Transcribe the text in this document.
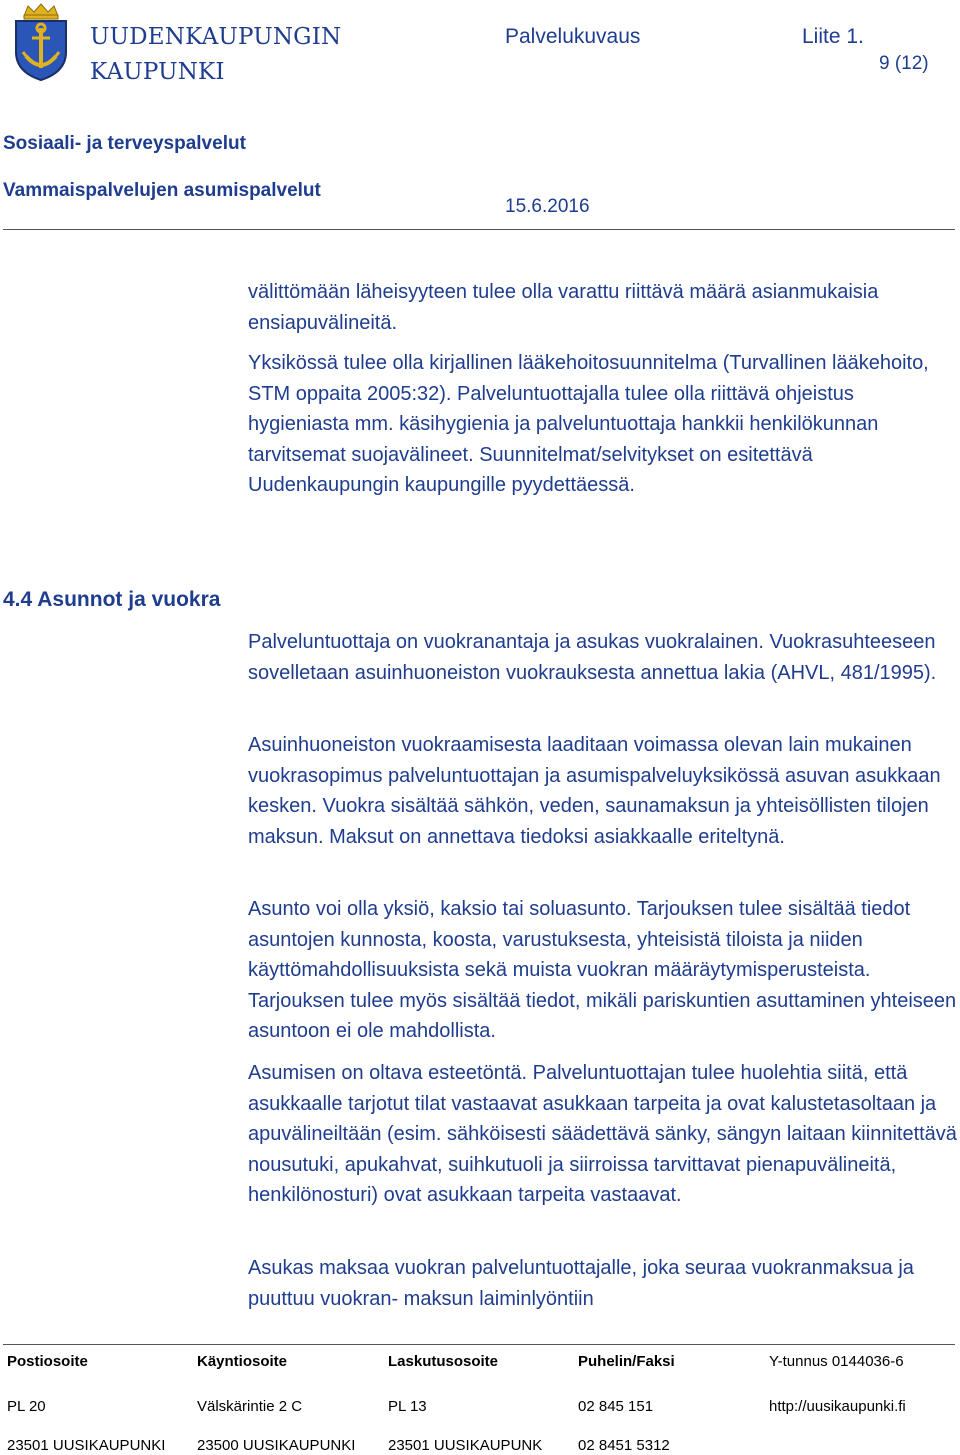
UUDENKAUPUNGIN
KAUPUNKI
Palvelukuvaus	Liite 1.
9 (12)
Sosiaali- ja terveyspalvelut
Vammaispalvelujen asumispalvelut
15.6.2016
välittömään läheisyyteen tulee olla varattu riittävä määrä asianmukaisia ensiapuvälineitä.
Yksikössä tulee olla kirjallinen lääkehoitosuunnitelma (Turvallinen lääkehoito, STM oppaita 2005:32). Palveluntuottajalla tulee olla riittävä ohjeistus hygieniasta mm. käsihygienia ja palveluntuottaja hankkii henkilökunnan tarvitsemat suojavälineet. Suunnitelmat/selvitykset on esitettävä Uudenkaupungin kaupungille pyydettäessä.
4.4 Asunnot ja vuokra
Palveluntuottaja on vuokranantaja ja asukas vuokralainen. Vuokrasuhteeseen sovelletaan asuinhuoneiston vuokrauksesta annettua lakia (AHVL, 481/1995).
Asuinhuoneiston vuokraamisesta laaditaan voimassa olevan lain mukainen vuokrasopimus palveluntuottajan ja asumispalveluyksikössä asuvan asukkaan kesken. Vuokra sisältää sähkön, veden, saunamaksun ja yhteisöllisten tilojen maksun. Maksut on annettava tiedoksi asiakkaalle eriteltynä.
Asunto voi olla yksiö, kaksio tai soluasunto. Tarjouksen tulee sisältää tiedot asuntojen kunnosta, koosta, varustuksesta, yhteisistä tiloista ja niiden käyttömahdollisuuksista sekä muista vuokran määräytymisperusteista. Tarjouksen tulee myös sisältää tiedot, mikäli pariskuntien asuttaminen yhteiseen asuntoon ei ole mahdollista.
Asumisen on oltava esteetöntä. Palveluntuottajan tulee huolehtia siitä, että asukkaalle tarjotut tilat vastaavat asukkaan tarpeita ja ovat kalustetasoltaan ja apuvälineiltään (esim. sähköisesti säädettävä sänky, sängyn laitaan kiinnitettävä nousutuki, apukahvat, suihkutuoli ja siirroissa tarvittavat pienapuvälineitä, henkilönosturi) ovat asukkaan tarpeita vastaavat.
Asukas maksaa vuokran palveluntuottajalle, joka seuraa vuokranmaksua ja puuttuu vuokran- maksun laiminlyöntiin
Postiosoite	Käyntiosoite	Laskutusosoite	Puhelin/Faksi	Y-tunnus 0144036-6
PL 20	Välskärintie 2 C	PL 13	02 845 151	http://uusikaupunki.fi
23501 UUSIKAUPUNKI 23500 UUSIKAUPUNKI 23501 UUSIKAUPUNK 02 8451 5312
